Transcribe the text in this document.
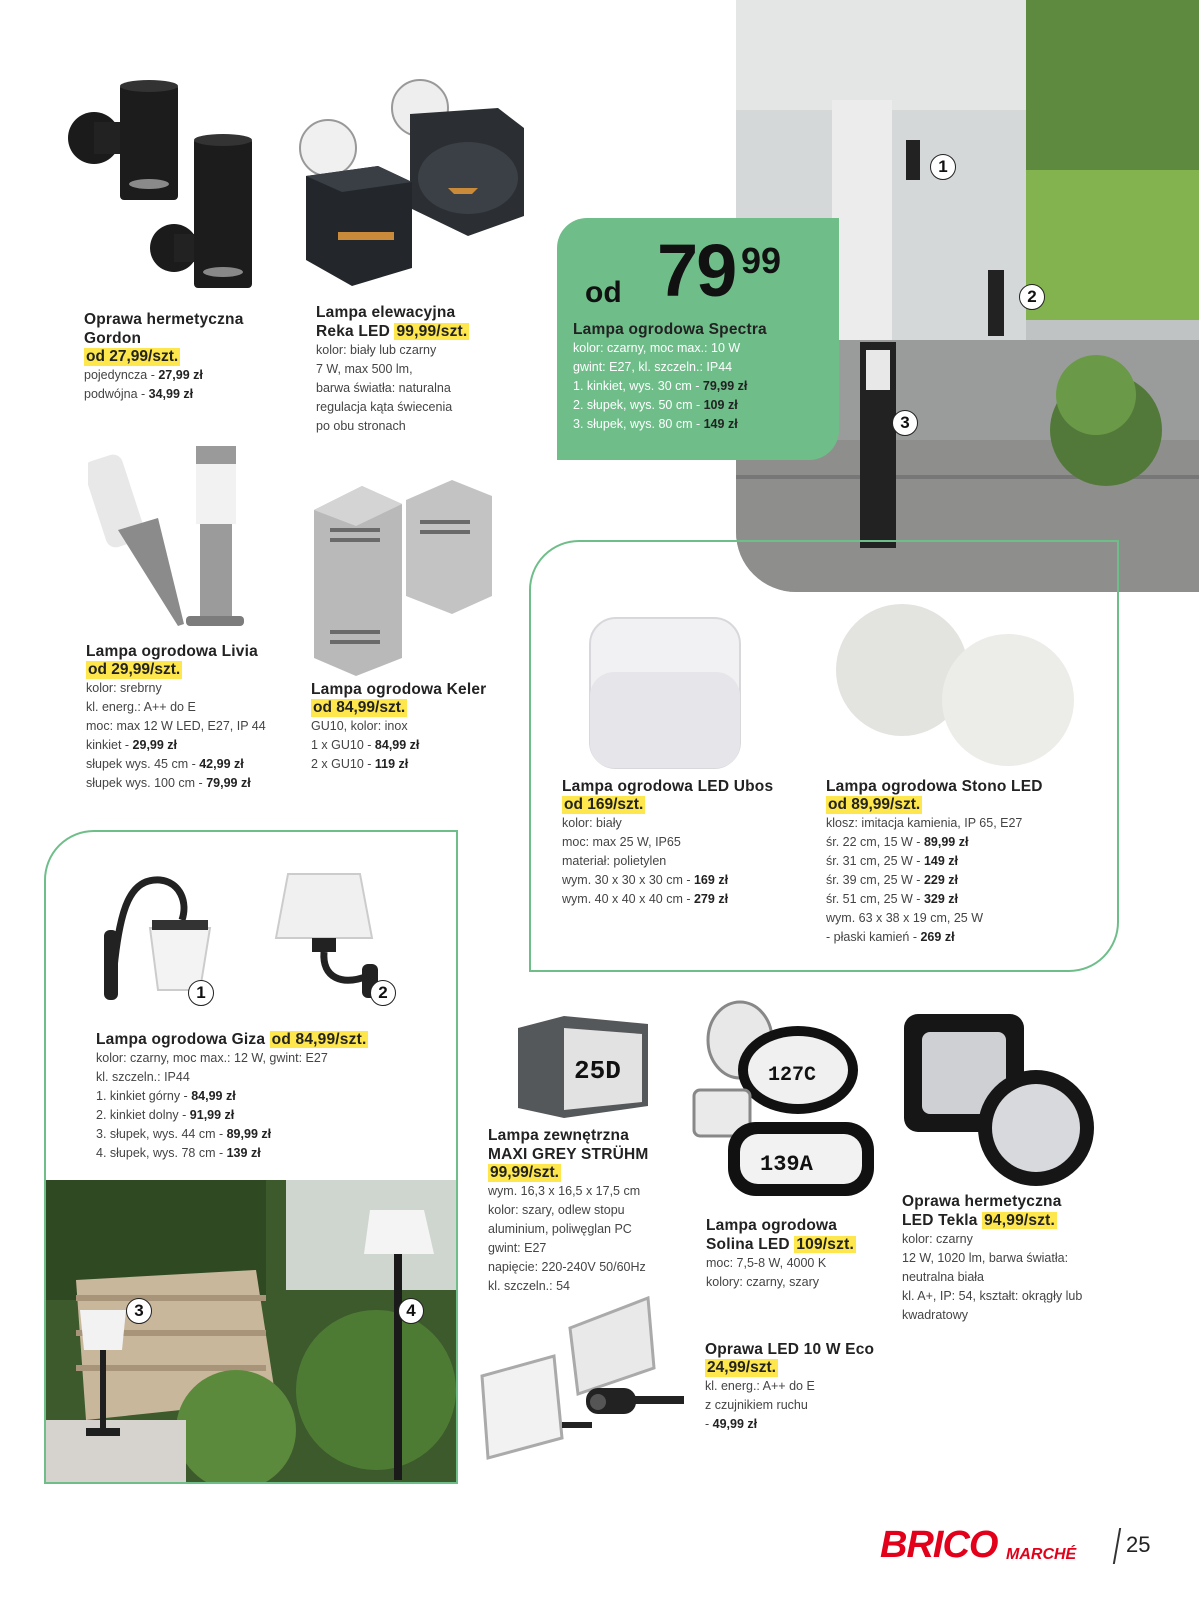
Oprawa hermetyczna Gordon
od 27,99/szt.
pojedyncza - 27,99 zł
podwójna - 34,99 zł
Lampa elewacyjna
Reka LED 99,99/szt.
kolor: biały lub czarny
7 W, max 500 lm,
barwa światła: naturalna
regulacja kąta świecenia
po obu stronach
1
2
3
od 79 99
Lampa ogrodowa Spectra
kolor: czarny, moc max.: 10 W
gwint: E27, kl. szczeln.: IP44
1. kinkiet, wys. 30 cm - 79,99 zł
2. słupek, wys. 50 cm - 109 zł
3. słupek, wys. 80 cm - 149 zł
Lampa ogrodowa Livia
od 29,99/szt.
kolor: srebrny
kl. energ.: A++ do E
moc: max 12 W LED, E27, IP 44
kinkiet - 29,99 zł
słupek wys. 45 cm - 42,99 zł
słupek wys. 100 cm - 79,99 zł
Lampa ogrodowa Keler
od 84,99/szt.
GU10, kolor: inox
1 x GU10 - 84,99 zł
2 x GU10 - 119 zł
Lampa ogrodowa LED Ubos
od 169/szt.
kolor: biały
moc: max 25 W, IP65
materiał: polietylen
wym. 30 x 30 x 30 cm - 169 zł
wym. 40 x 40 x 40 cm - 279 zł
Lampa ogrodowa Stono LED
od 89,99/szt.
klosz: imitacja kamienia, IP 65, E27
śr. 22 cm, 15 W - 89,99 zł
śr. 31 cm, 25 W - 149 zł
śr. 39 cm, 25 W - 229 zł
śr. 51 cm, 25 W - 329 zł
wym. 63 x 38 x 19 cm, 25 W
- płaski kamień - 269 zł
1	2
Lampa ogrodowa Giza od 84,99/szt.
kolor: czarny, moc max.: 12 W, gwint: E27
kl. szczeln.: IP44
1. kinkiet górny - 84,99 zł
2. kinkiet dolny - 91,99 zł
3. słupek, wys. 44 cm - 89,99 zł
4. słupek, wys. 78 cm - 139 zł
3	4
25D
Lampa zewnętrzna
MAXI GREY STRÜHM
99,99/szt.
wym. 16,3 x 16,5 x 17,5 cm
kolor: szary, odlew stopu
aluminium, poliwęglan PC
gwint: E27
napięcie: 220-240V 50/60Hz
kl. szczeln.: 54
127C
139A
Lampa ogrodowa
Solina LED 109/szt.
moc: 7,5-8 W, 4000 K
kolory: czarny, szary
Oprawa hermetyczna
LED Tekla 94,99/szt.
kolor: czarny
12 W, 1020 lm, barwa światła:
neutralna biała
kl. A+, IP: 54, kształt: okrągły lub
kwadratowy
Oprawa LED 10 W Eco
24,99/szt.
kl. energ.: A++ do E
z czujnikiem ruchu
- 49,99 zł
BRICO MARCHÉ 25
